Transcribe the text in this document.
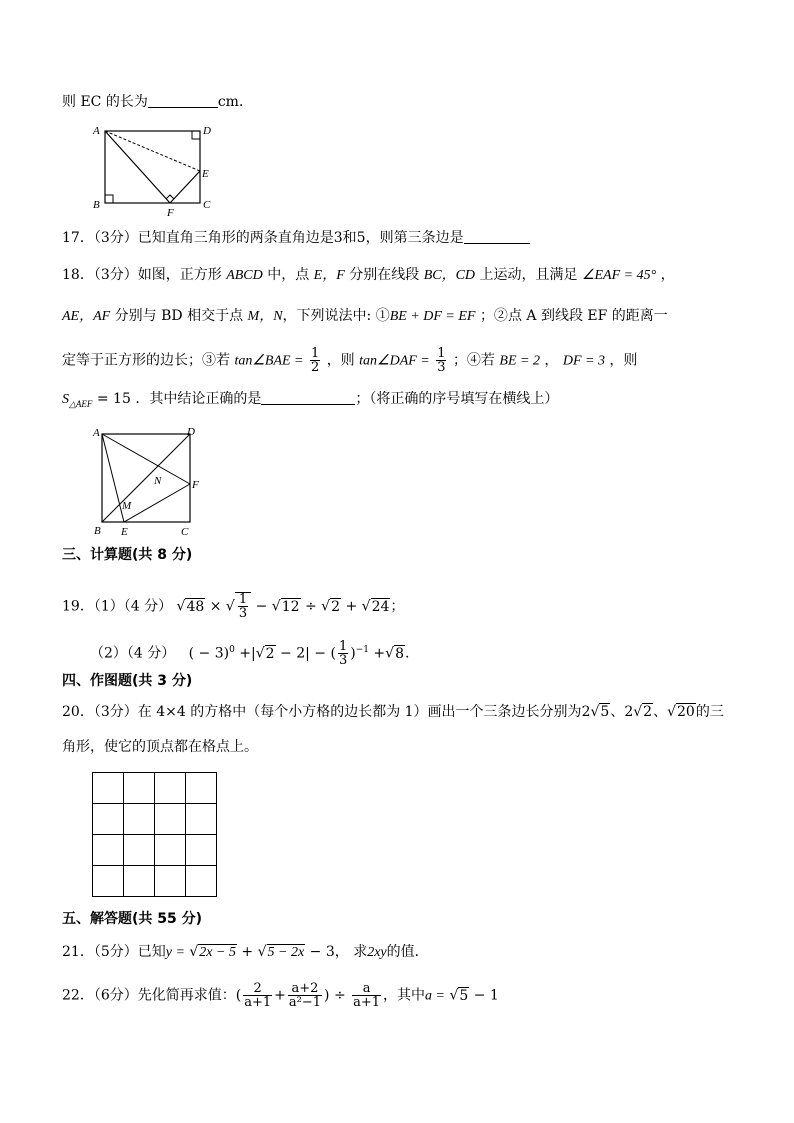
则 EC 的长为	cm．
A	D
B	C
E
F
17．（3分）已知直角三角形的两条直角边是3和5，则第三条边是
18．（3分）如图，正方形 ABCD 中，点 E，F 分别在线段 BC，CD 上运动，且满足 ∠EAF = 45° ，
AE，AF 分别与 BD 相交于点 M，N，下列说法中: ①BE + DF = EF ；②点 A 到线段 EF 的距离一
定等于正方形的边长；③若 tan∠BAE = $\frac{1}{2}$ ，则 tan∠DAF = $\frac{1}{3}$ ；④若 BE = 2 ， DF = 3 ，则
$S_{\triangle AEF} = 15$ ．其中结论正确的是	；（将正确的序号填写在横线上）
A	D
B	C
E
F
M
N
三、计算题(共 8 分)
19．（1）（4 分） √48 × √ $\frac{1}{3} - √12 \div √2 + √24$；
（2）（4 分） ( − 3)$^0$ +|√2 − 2| − ( $\frac{1}{3} )^{-1} +√8$.
四、作图题(共 3 分)
20．（3分）在 4×4 的方格中（每个小方格的边长都为 1）画出一个三条边长分别为2√5、2√2、√20的三
角形，使它的顶点都在格点上。
五、解答题(共 55 分)
21．（5分）已知y = √2x − 5 + √5 − 2x − 3， 求2xy的值．
22．（6分）先化简再求值：( $\frac{2}{a+1} + \frac{a+2}{\text{a²−1}}$ ) ÷ $\frac{a}{a+1}$ ，其中a = √5 − 1
